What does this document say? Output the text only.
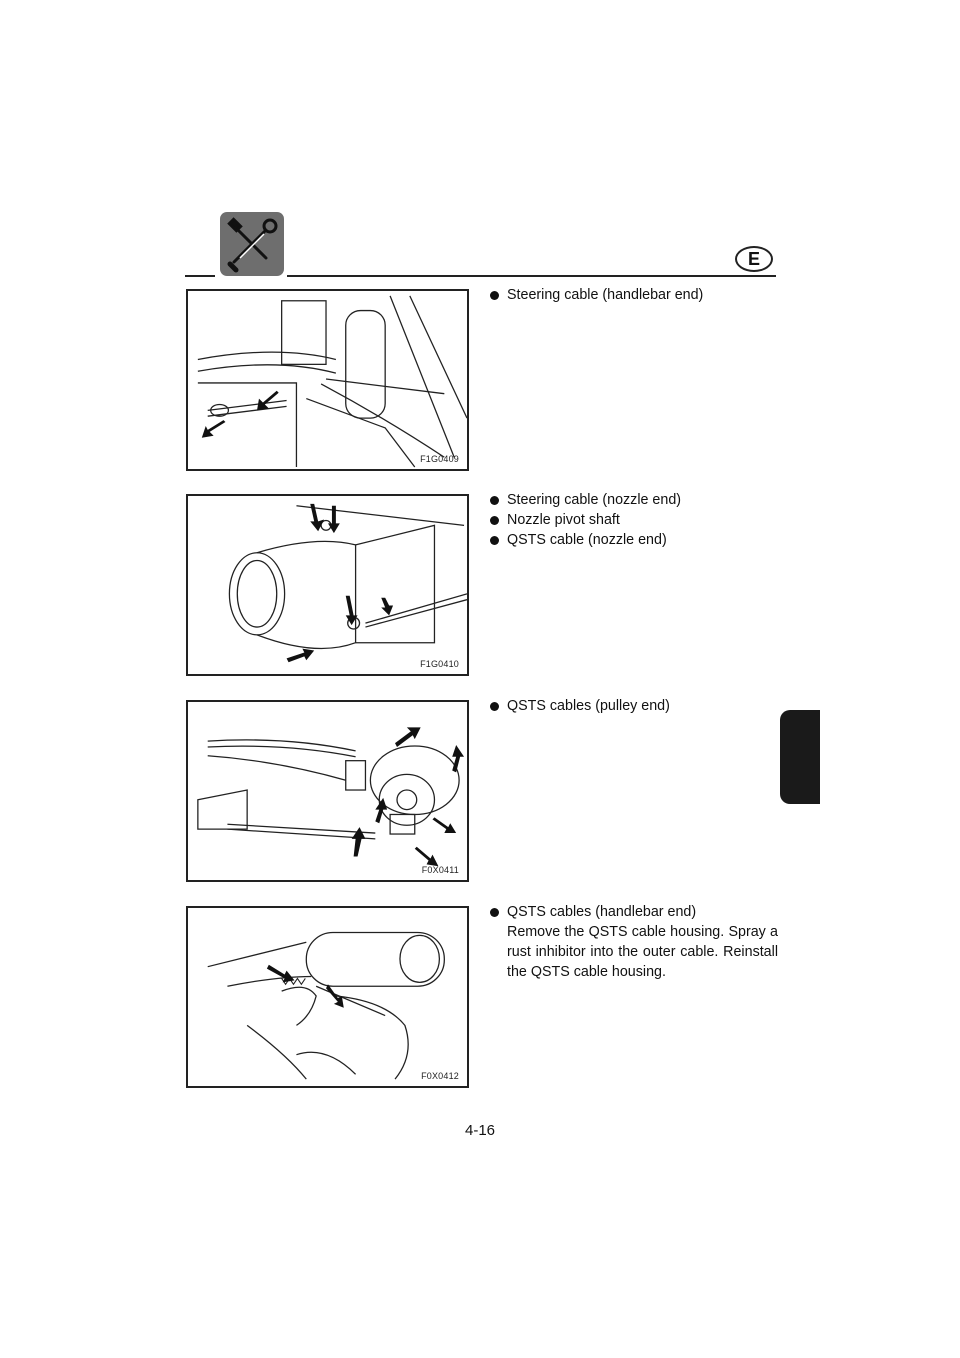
E
F1G0409
F1G0410
F0X0411
F0X0412
Steering cable (handlebar end)
Steering cable (nozzle end)
Nozzle pivot shaft
QSTS cable (nozzle end)
QSTS cables (pulley end)
QSTS cables (handlebar end)
Remove the QSTS cable housing. Spray a rust inhibitor into the outer cable. Reinstall the QSTS cable housing.
4-16
